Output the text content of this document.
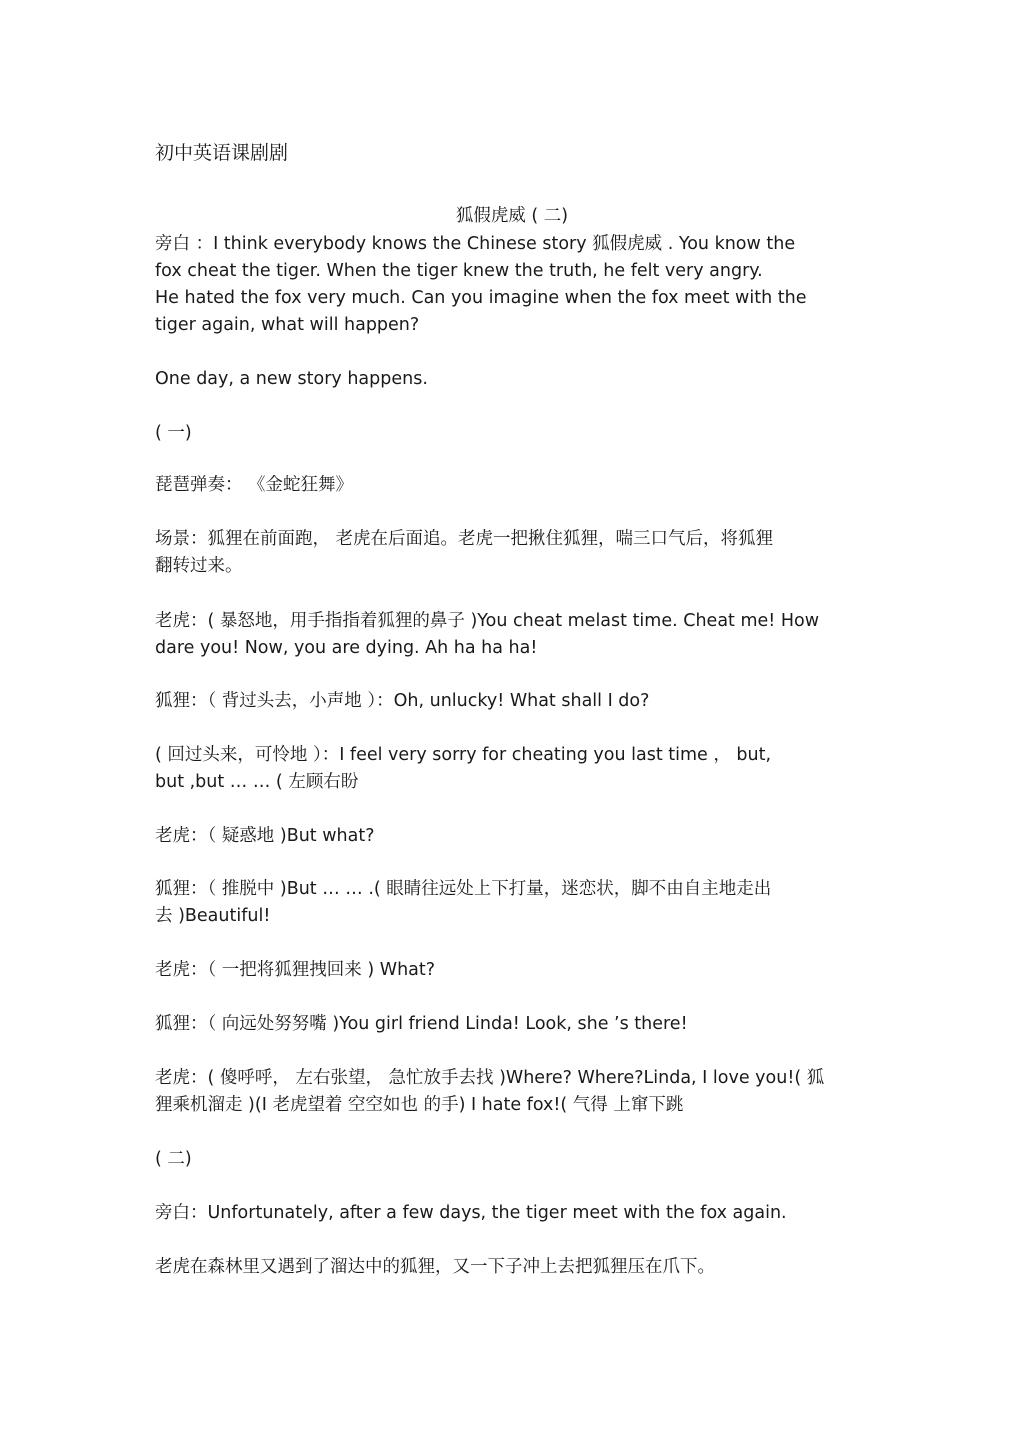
初中英语课剧剧
狐假虎威 ( 二)
旁白 ：I think everybody knows the Chinese story 狐假虎威 . You know the
fox cheat the tiger. When the tiger knew the truth, he felt very angry.
He hated the fox very much. Can you imagine when the fox meet with the
tiger again, what will happen?
One day, a new story happens.
( 一)
琵琶弹奏： 《金蛇狂舞》
场景：狐狸在前面跑， 老虎在后面追。老虎一把揪住狐狸，喘三口气后，将狐狸
翻转过来。
老虎：( 暴怒地，用手指指着狐狸的鼻子 )You cheat melast time. Cheat me! How
dare you! Now, you are dying. Ah ha ha ha!
狐狸：（ 背过头去，小声地 ）：Oh, unlucky! What shall I do?
( 回过头来，可怜地 ）：I feel very sorry for cheating you last time ， but,
but ,but … … ( 左顾右盼
老虎：（ 疑惑地 )But what?
狐狸：（ 推脱中 )But … … .( 眼睛往远处上下打量，迷恋状，脚不由自主地走出
去 )Beautiful!
老虎：（ 一把将狐狸拽回来 ) What?
狐狸：（ 向远处努努嘴 )You girl friend Linda! Look, she ’s there!
老虎：( 傻呼呼， 左右张望， 急忙放手去找 )Where? Where?Linda, I love you!( 狐
狸乘机溜走 )(I 老虎望着 空空如也 的手) I hate fox!( 气得 上窜下跳
( 二)
旁白：Unfortunately, after a few days, the tiger meet with the fox again.
老虎在森林里又遇到了溜达中的狐狸，又一下子冲上去把狐狸压在爪下。
